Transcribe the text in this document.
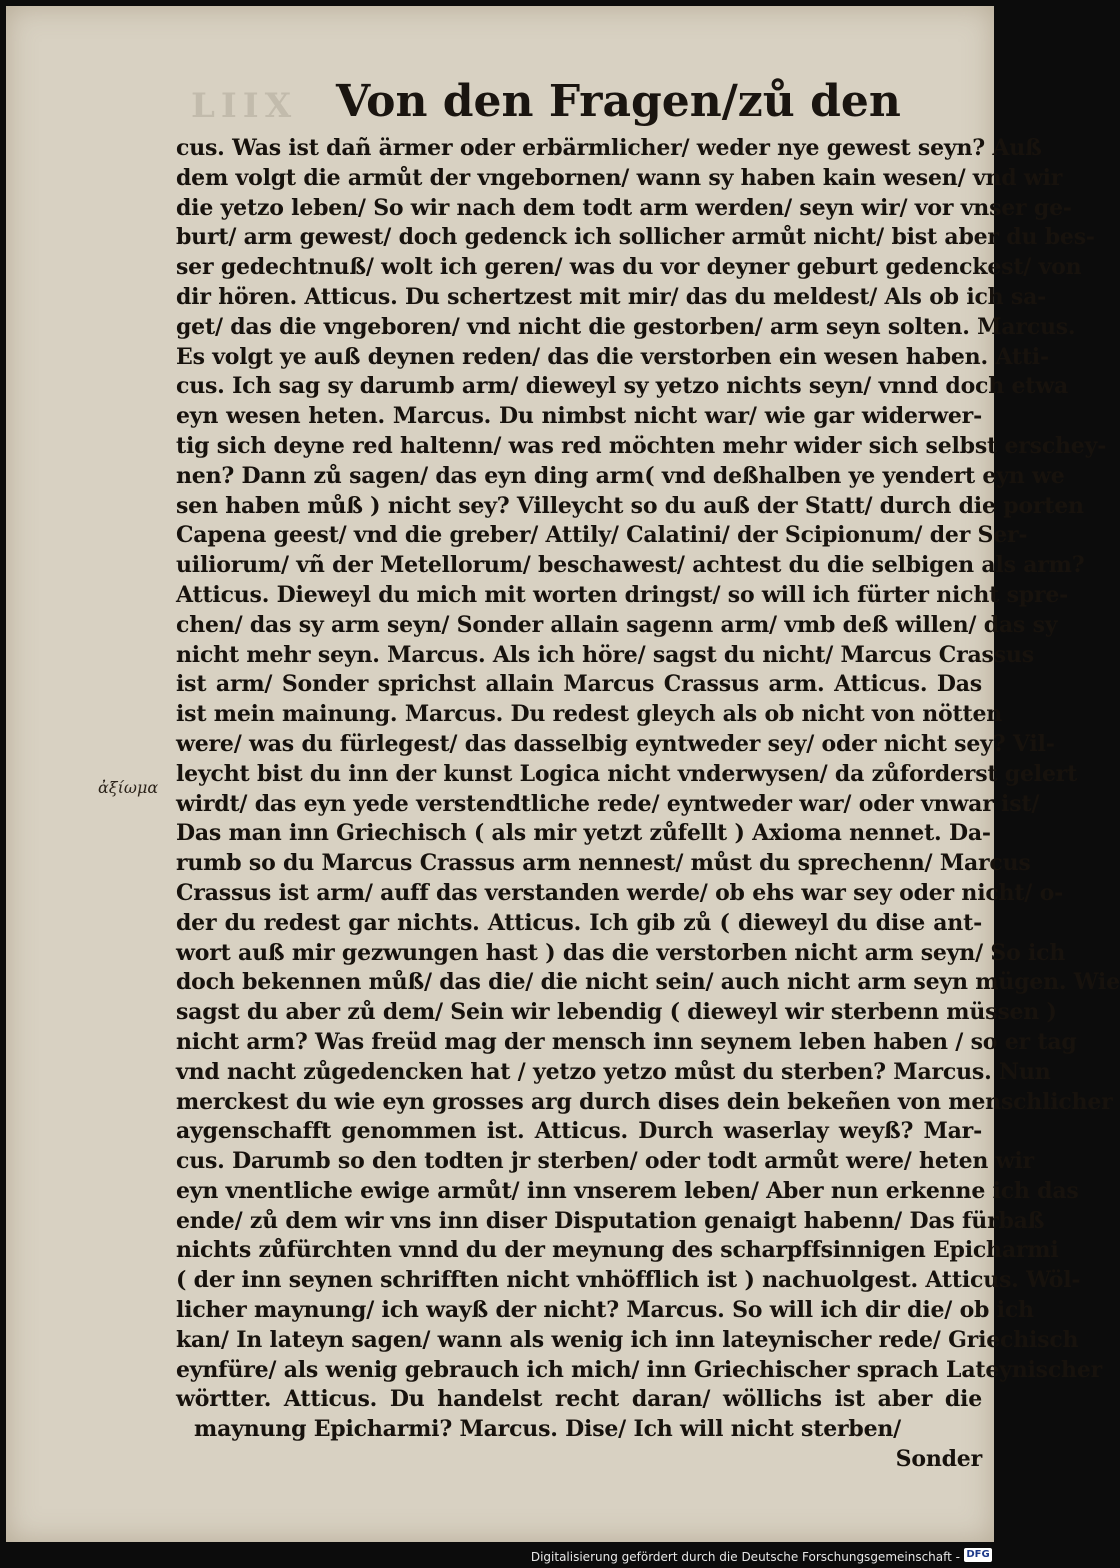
LIIX Von den Fragen/zů den
ἀξίωμα
cus. Was ist dañ ärmer oder erbärmlicher/ weder nye gewest seyn? Auß
dem volgt die armůt der vngebornen/ wann sy haben kain wesen/ vnd wir
die yetzo leben/ So wir nach dem todt arm werden/ seyn wir/ vor vnser ge-
burt/ arm gewest/ doch gedenck ich sollicher armůt nicht/ bist aber du bes-
ser gedechtnuß/ wolt ich geren/ was du vor deyner geburt gedenckest/ von
dir hören. Atticus. Du schertzest mit mir/ das du meldest/ Als ob ich sa-
get/ das die vngeboren/ vnd nicht die gestorben/ arm seyn solten. Marcus.
Es volgt ye auß deynen reden/ das die verstorben ein wesen haben. Atti-
cus. Ich sag sy darumb arm/ dieweyl sy yetzo nichts seyn/ vnnd doch etwa
eyn wesen heten. Marcus. Du nimbst nicht war/ wie gar widerwer-
tig sich deyne red haltenn/ was red möchten mehr wider sich selbst erschey-
nen? Dann zů sagen/ das eyn ding arm( vnd deßhalben ye yendert eyn we
sen haben můß ) nicht sey? Villeycht so du auß der Statt/ durch die porten
Capena geest/ vnd die greber/ Attily/ Calatini/ der Scipionum/ der Ser-
uiliorum/ vñ der Metellorum/ beschawest/ achtest du die selbigen als arm?
Atticus. Dieweyl du mich mit worten dringst/ so will ich fürter nicht spre-
chen/ das sy arm seyn/ Sonder allain sagenn arm/ vmb deß willen/ das sy
nicht mehr seyn. Marcus. Als ich höre/ sagst du nicht/ Marcus Crassus
ist arm/ Sonder sprichst allain Marcus Crassus arm. Atticus. Das
ist mein mainung. Marcus. Du redest gleych als ob nicht von nötten
were/ was du fürlegest/ das dasselbig eyntweder sey/ oder nicht sey? Vil-
leycht bist du inn der kunst Logica nicht vnderwysen/ da zůforderst gelert
wirdt/ das eyn yede verstendtliche rede/ eyntweder war/ oder vnwar ist/
Das man inn Griechisch ( als mir yetzt zůfellt ) Axioma nennet. Da-
rumb so du Marcus Crassus arm nennest/ můst du sprechenn/ Marcus
Crassus ist arm/ auff das verstanden werde/ ob ehs war sey oder nicht/ o-
der du redest gar nichts. Atticus. Ich gib zů ( dieweyl du dise ant-
wort auß mir gezwungen hast ) das die verstorben nicht arm seyn/ So ich
doch bekennen můß/ das die/ die nicht sein/ auch nicht arm seyn mügen. Wie
sagst du aber zů dem/ Sein wir lebendig ( dieweyl wir sterbenn müssen )
nicht arm? Was freüd mag der mensch inn seynem leben haben / so er tag
vnd nacht zůgedencken hat / yetzo yetzo můst du sterben? Marcus. Nun
merckest du wie eyn grosses arg durch dises dein bekeñen von menschlicher
aygenschafft genommen ist. Atticus. Durch waserlay weyß? Mar-
cus. Darumb so den todten jr sterben/ oder todt armůt were/ heten wir
eyn vnentliche ewige armůt/ inn vnserem leben/ Aber nun erkenne ich das
ende/ zů dem wir vns inn diser Disputation genaigt habenn/ Das fürbaß
nichts zůfürchten vnnd du der meynung des scharpffsinnigen Epicharmi
( der inn seynen schrifften nicht vnhöfflich ist ) nachuolgest. Atticus. Wöl-
licher maynung/ ich wayß der nicht? Marcus. So will ich dir die/ ob ich
kan/ In lateyn sagen/ wann als wenig ich inn lateynischer rede/ Griechisch
eynfüre/ als wenig gebrauch ich mich/ inn Griechischer sprach Lateynischer
wörtter. Atticus. Du handelst recht daran/ wöllichs ist aber die
maynung Epicharmi? Marcus. Dise/ Ich will nicht sterben/
Sonder
Digitalisierung gefördert durch die Deutsche Forschungsgemeinschaft - DFG
